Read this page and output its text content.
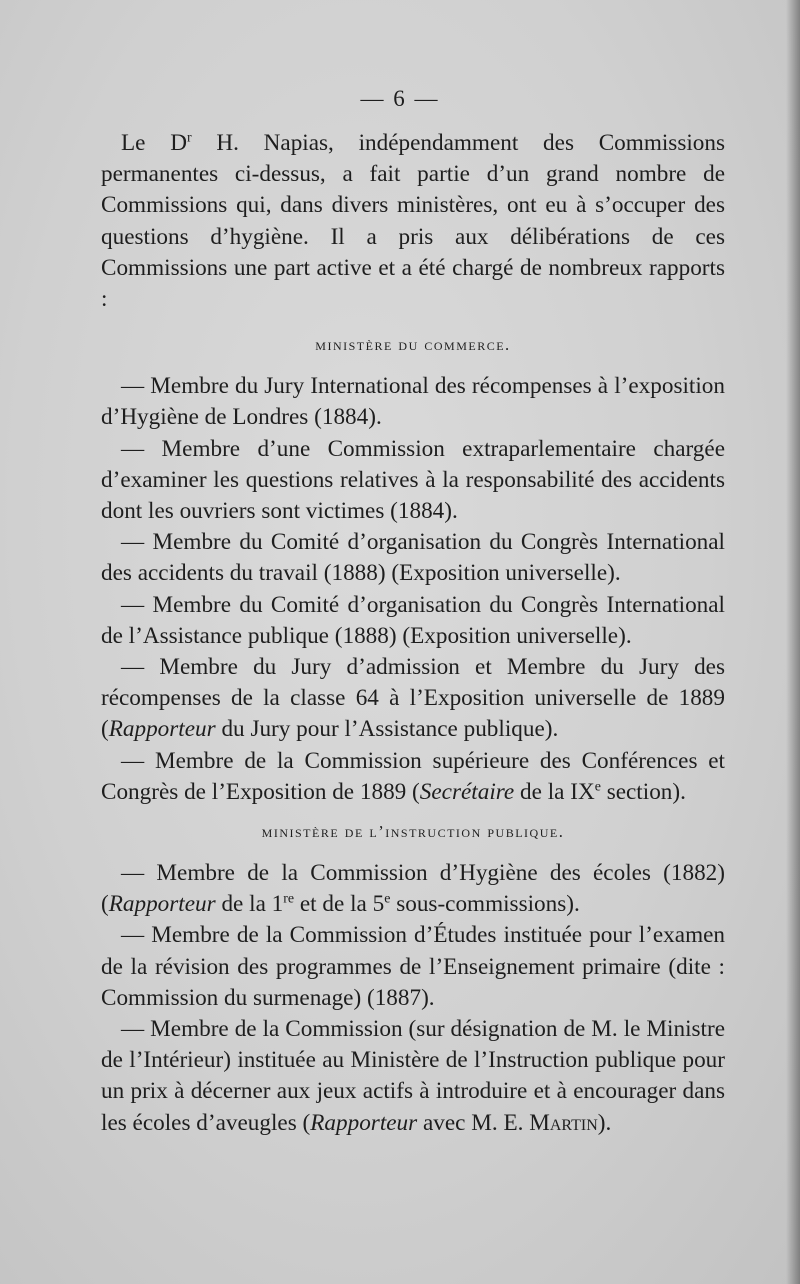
— 6 —

Le $D^r$ H. Napias, indépendamment des Commissions permanentes ci-dessus, a fait partie d’un grand nombre de Commissions qui, dans divers ministères, ont eu à s’occuper des questions d’hygiène. Il a pris aux délibérations de ces Commissions une part active et a été chargé de nombreux rapports :

ministère du commerce.

— Membre du Jury International des récompenses à l’exposition d’Hygiène de Londres (1884).

— Membre d’une Commission extraparlementaire chargée d’examiner les questions relatives à la responsabilité des accidents dont les ouvriers sont victimes (1884).

— Membre du Comité d’organisation du Congrès International des accidents du travail (1888) (Exposition universelle).

— Membre du Comité d’organisation du Congrès International de l’Assistance publique (1888) (Exposition universelle).

— Membre du Jury d’admission et Membre du Jury des récompenses de la classe 64 à l’Exposition universelle de 1889 (Rapporteur du Jury pour l’Assistance publique).

— Membre de la Commission supérieure des Conférences et Congrès de l’Exposition de 1889 (Secrétaire de la IXe section).

ministère de l’instruction publique.

— Membre de la Commission d’Hygiène des écoles (1882) (Rapporteur de la 1re et de la 5e sous-commissions).

— Membre de la Commission d’Études instituée pour l’examen de la révision des programmes de l’Enseignement primaire (dite : Commission du surmenage) (1887).

— Membre de la Commission (sur désignation de M. le Ministre de l’Intérieur) instituée au Ministère de l’Instruction publique pour un prix à décerner aux jeux actifs à introduire et à encourager dans les écoles d’aveugles (Rapporteur avec M. E. Martin).
